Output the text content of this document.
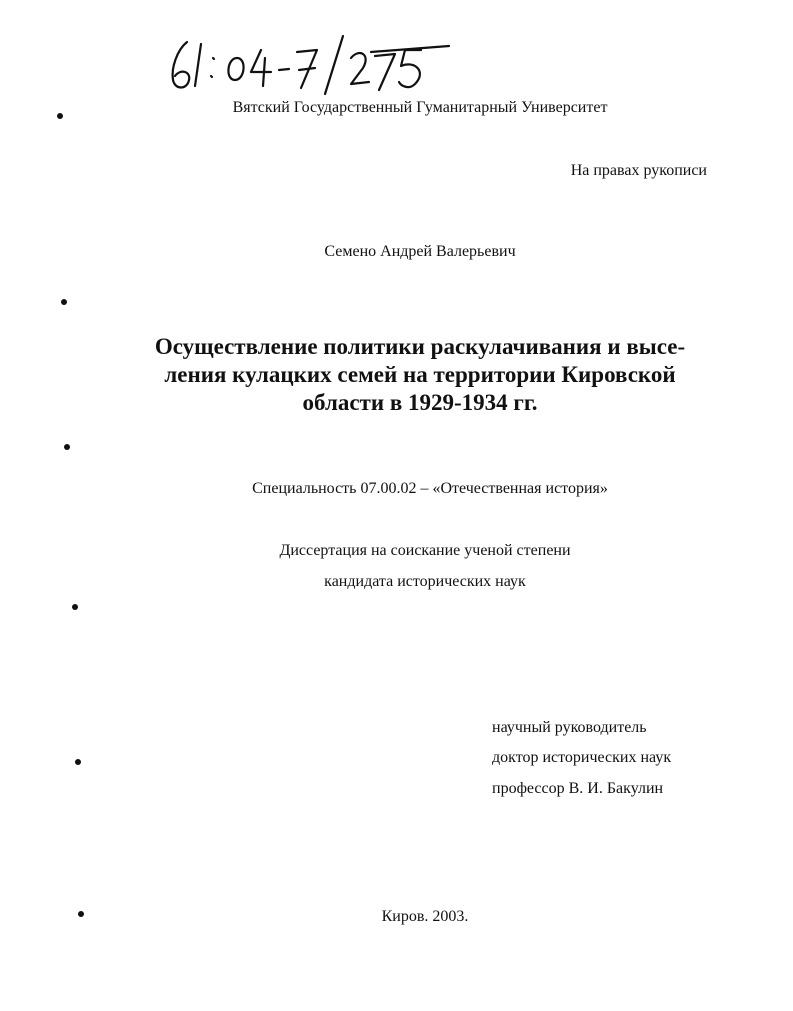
Вятский Государственный Гуманитарный Университет
На правах рукописи
Семено Андрей Валерьевич
Осуществление политики раскулачивания и высе-
ления кулацких семей на территории Кировской
области в 1929-1934 гг.
Специальность 07.00.02 – «Отечественная история»
Диссертация на соискание ученой степени
кандидата исторических наук
научный руководитель
доктор исторических наук
профессор В. И. Бакулин
Киров. 2003.
